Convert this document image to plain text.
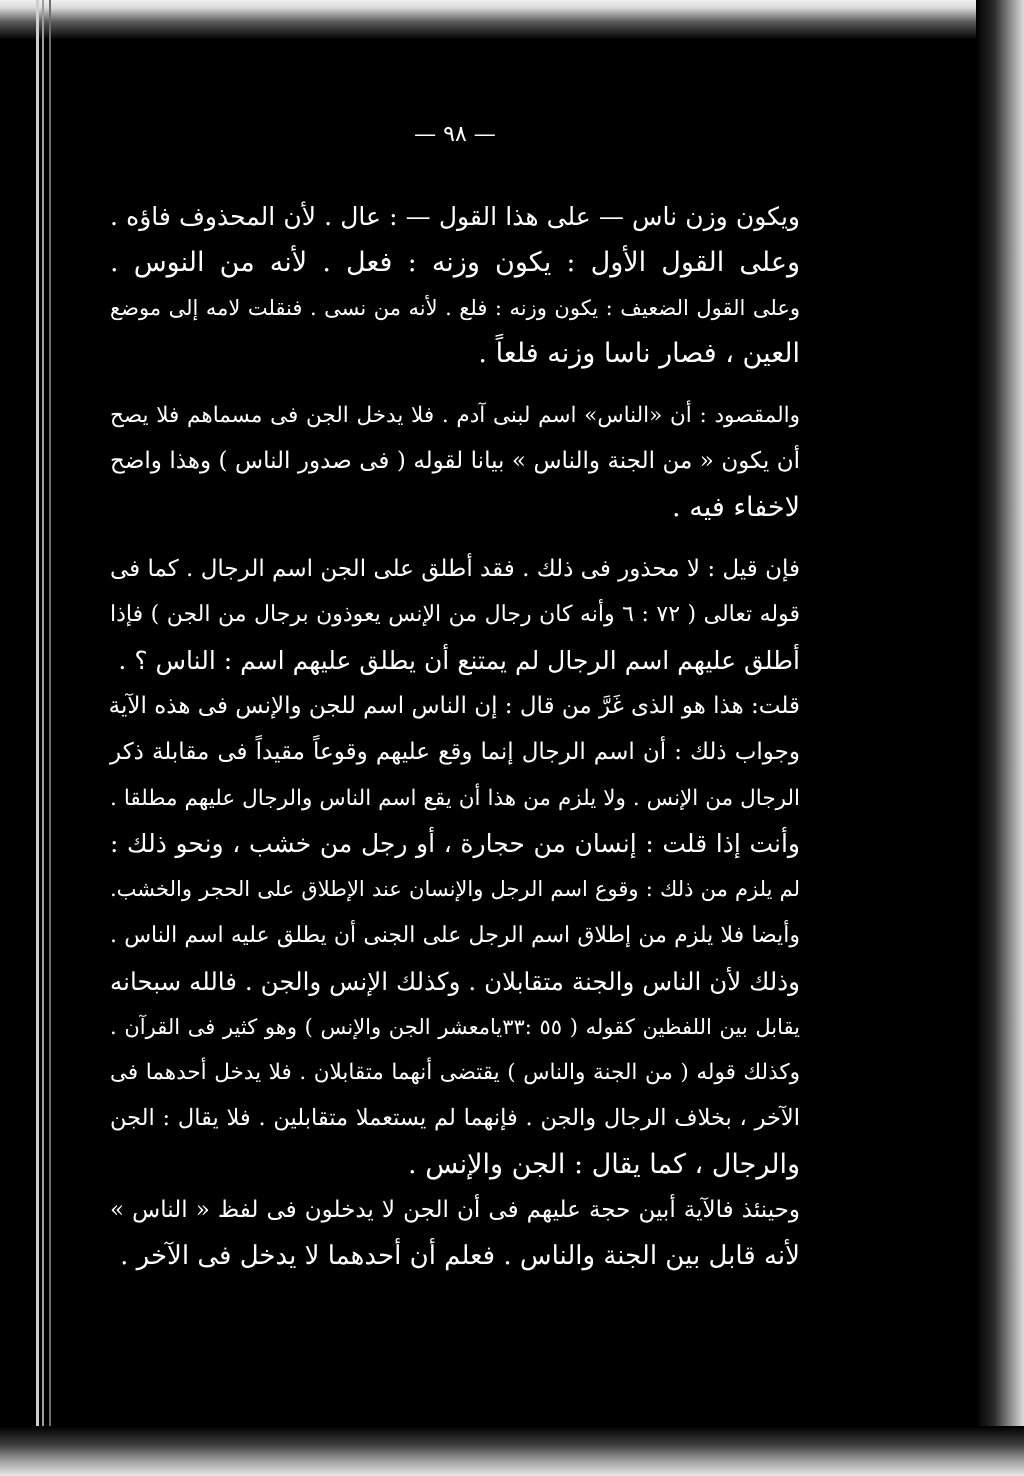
— ٩٨ —
ويكون وزن ناس — على هذا القول — : عال . لأن المحذوف فاؤه .
وعلى القول الأول : يكون وزنه : فعل . لأنه من النوس .
وعلى القول الضعيف : يكون وزنه : فلع . لأنه من نسى . فنقلت لامه إلى موضع
العين ، فصار ناسا وزنه فلعاً .
والمقصود : أن «الناس» اسم لبنى آدم . فلا يدخل الجن فى مسماهم فلا يصح
أن يكون « من الجنة والناس » بيانا لقوله ( فى صدور الناس ) وهذا واضح
لاخفاء فيه .
فإن قيل : لا محذور فى ذلك . فقد أطلق على الجن اسم الرجال . كما فى
قوله تعالى ( ٧٢ : ٦ وأنه كان رجال من الإنس يعوذون برجال من الجن ) فإذا
أطلق عليهم اسم الرجال لم يمتنع أن يطلق عليهم اسم : الناس ؟ .
قلت: هذا هو الذى غَرَّ من قال : إن الناس اسم للجن والإنس فى هذه الآية
وجواب ذلك : أن اسم الرجال إنما وقع عليهم وقوعاً مقيداً فى مقابلة ذكر
الرجال من الإنس . ولا يلزم من هذا أن يقع اسم الناس والرجال عليهم مطلقا .
وأنت إذا قلت : إنسان من حجارة ، أو رجل من خشب ، ونحو ذلك :
لم يلزم من ذلك : وقوع اسم الرجل والإنسان عند الإطلاق على الحجر والخشب.
وأيضا فلا يلزم من إطلاق اسم الرجل على الجنى أن يطلق عليه اسم الناس .
وذلك لأن الناس والجنة متقابلان . وكذلك الإنس والجن . فالله سبحانه
يقابل بين اللفظين كقوله ( ٥٥ :٣٣يامعشر الجن والإنس ) وهو كثير فى القرآن .
وكذلك قوله ( من الجنة والناس ) يقتضى أنهما متقابلان . فلا يدخل أحدهما فى
الآخر ، بخلاف الرجال والجن . فإنهما لم يستعملا متقابلين . فلا يقال : الجن
والرجال ، كما يقال : الجن والإنس .
وحينئذ فالآية أبين حجة عليهم فى أن الجن لا يدخلون فى لفظ « الناس »
لأنه قابل بين الجنة والناس . فعلم أن أحدهما لا يدخل فى الآخر .
